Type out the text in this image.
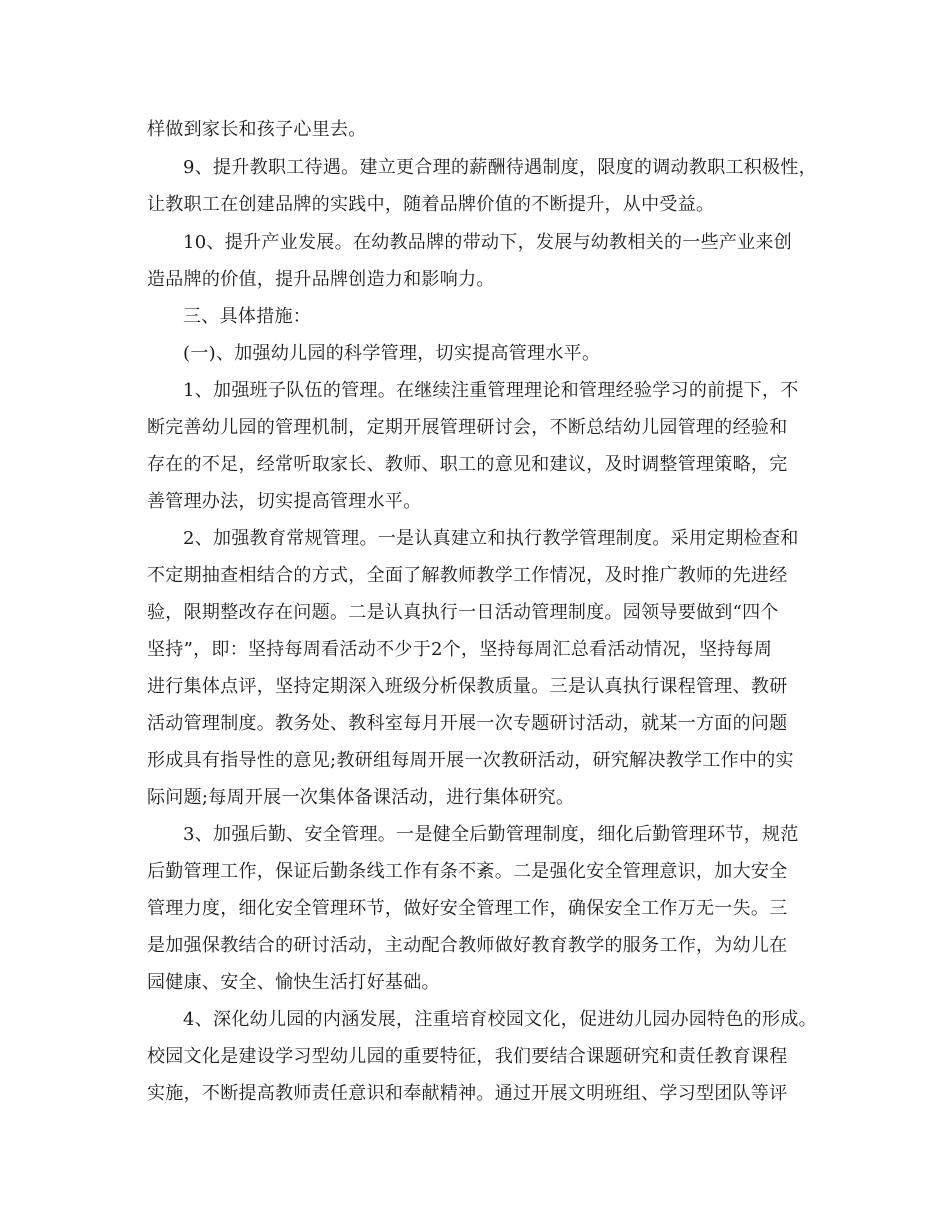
样做到家长和孩子心里去。
9、提升教职工待遇。建立更合理的薪酬待遇制度，限度的调动教职工积极性，
让教职工在创建品牌的实践中，随着品牌价值的不断提升，从中受益。
10、提升产业发展。在幼教品牌的带动下，发展与幼教相关的一些产业来创
造品牌的价值，提升品牌创造力和影响力。
三、具体措施：
(一)、加强幼儿园的科学管理，切实提高管理水平。
1、加强班子队伍的管理。在继续注重管理理论和管理经验学习的前提下，不
断完善幼儿园的管理机制，定期开展管理研讨会，不断总结幼儿园管理的经验和
存在的不足，经常听取家长、教师、职工的意见和建议，及时调整管理策略，完
善管理办法，切实提高管理水平。
2、加强教育常规管理。一是认真建立和执行教学管理制度。采用定期检查和
不定期抽查相结合的方式，全面了解教师教学工作情况，及时推广教师的先进经
验，限期整改存在问题。二是认真执行一日活动管理制度。园领导要做到“四个
坚持”，即：坚持每周看活动不少于2个，坚持每周汇总看活动情况，坚持每周
进行集体点评，坚持定期深入班级分析保教质量。三是认真执行课程管理、教研
活动管理制度。教务处、教科室每月开展一次专题研讨活动，就某一方面的问题
形成具有指导性的意见;教研组每周开展一次教研活动，研究解决教学工作中的实
际问题;每周开展一次集体备课活动，进行集体研究。
3、加强后勤、安全管理。一是健全后勤管理制度，细化后勤管理环节，规范
后勤管理工作，保证后勤条线工作有条不紊。二是强化安全管理意识，加大安全
管理力度，细化安全管理环节，做好安全管理工作，确保安全工作万无一失。三
是加强保教结合的研讨活动，主动配合教师做好教育教学的服务工作，为幼儿在
园健康、安全、愉快生活打好基础。
4、深化幼儿园的内涵发展，注重培育校园文化，促进幼儿园办园特色的形成。
校园文化是建设学习型幼儿园的重要特征，我们要结合课题研究和责任教育课程
实施，不断提高教师责任意识和奉献精神。通过开展文明班组、学习型团队等评
